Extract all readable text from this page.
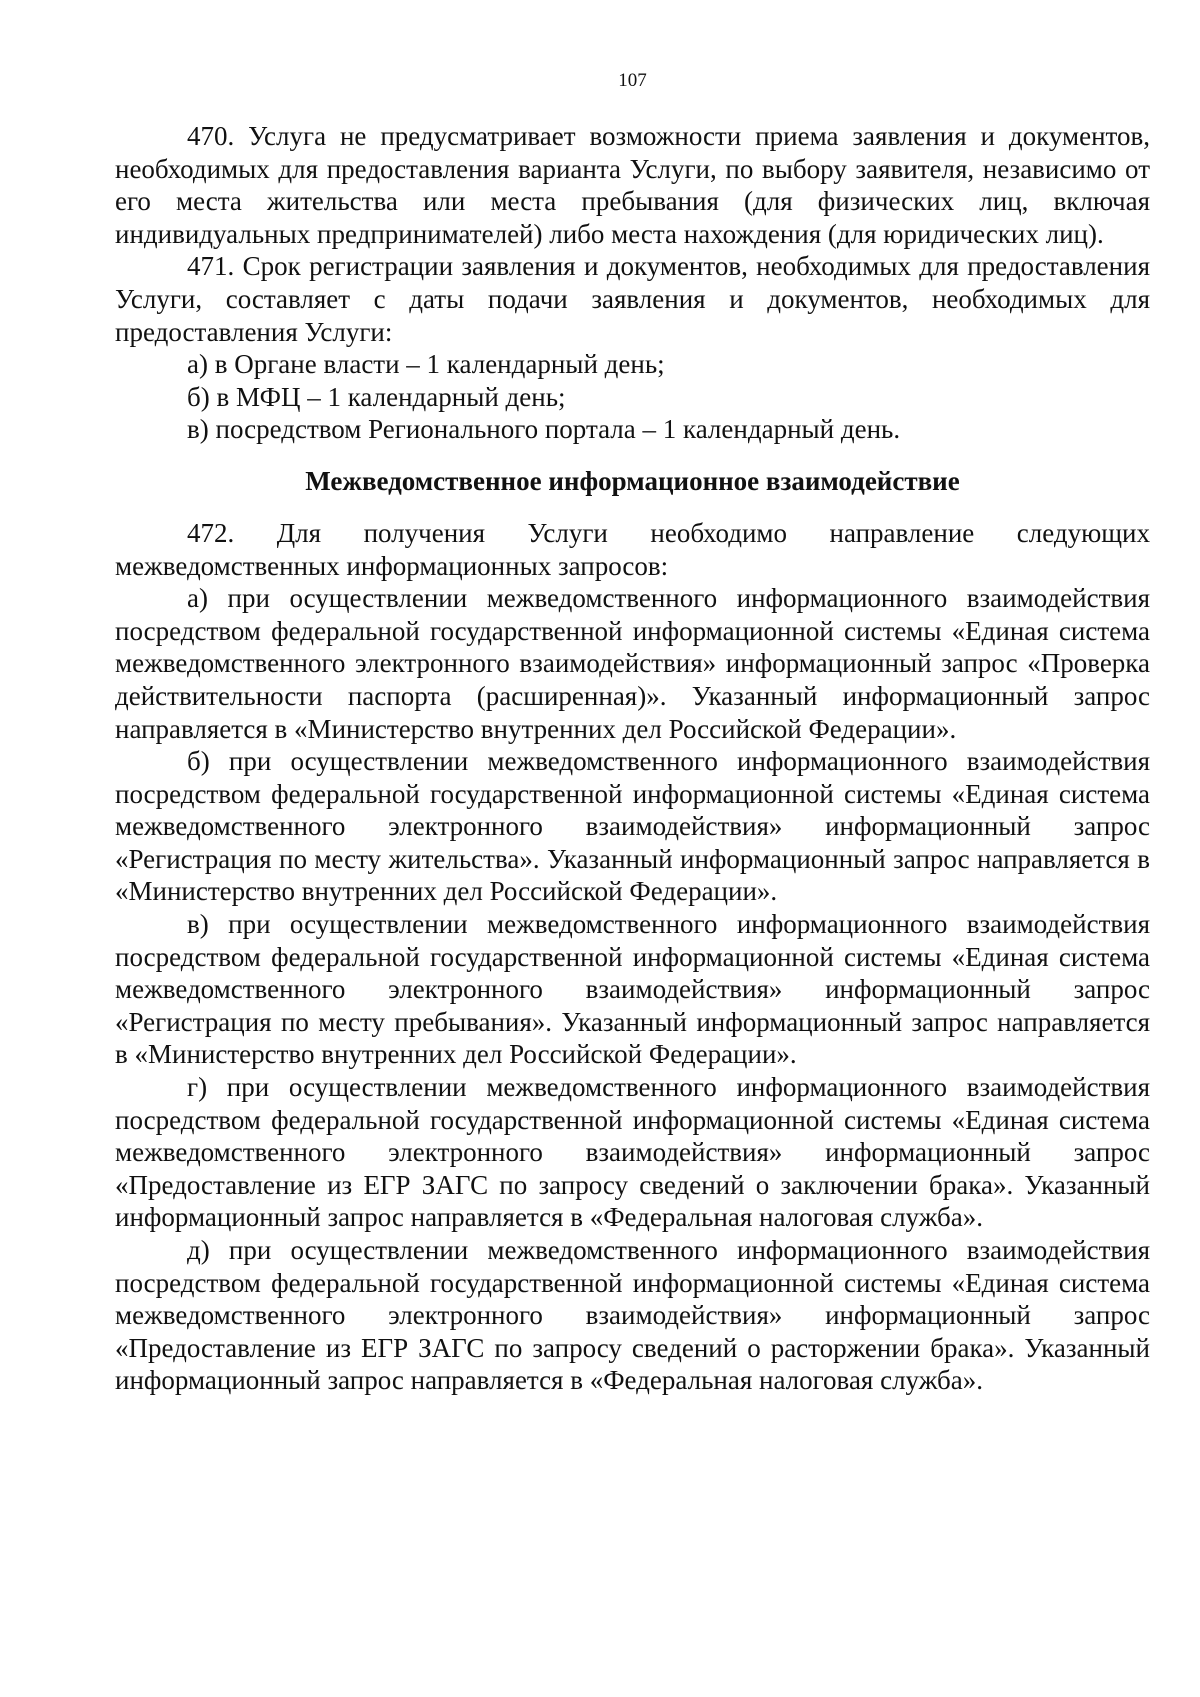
107

470. Услуга не предусматривает возможности приема заявления и документов, необходимых для предоставления варианта Услуги, по выбору заявителя, независимо от его места жительства или места пребывания (для физических лиц, включая индивидуальных предпринимателей) либо места нахождения (для юридических лиц).

471. Срок регистрации заявления и документов, необходимых для предоставления Услуги, составляет с даты подачи заявления и документов, необходимых для предоставления Услуги:

а) в Органе власти – 1 календарный день;

б) в МФЦ – 1 календарный день;

в) посредством Регионального портала – 1 календарный день.

Межведомственное информационное взаимодействие

472. Для получения Услуги необходимо направление следующих межведомственных информационных запросов:

а) при осуществлении межведомственного информационного взаимодействия посредством федеральной государственной информационной системы «Единая система межведомственного электронного взаимодействия» информационный запрос «Проверка действительности паспорта (расширенная)». Указанный информационный запрос направляется в «Министерство внутренних дел Российской Федерации».

б) при осуществлении межведомственного информационного взаимодействия посредством федеральной государственной информационной системы «Единая система межведомственного электронного взаимодействия» информационный запрос «Регистрация по месту жительства». Указанный информационный запрос направляется в «Министерство внутренних дел Российской Федерации».

в) при осуществлении межведомственного информационного взаимодействия посредством федеральной государственной информационной системы «Единая система межведомственного электронного взаимодействия» информационный запрос «Регистрация по месту пребывания». Указанный информационный запрос направляется в «Министерство внутренних дел Российской Федерации».

г) при осуществлении межведомственного информационного взаимодействия посредством федеральной государственной информационной системы «Единая система межведомственного электронного взаимодействия» информационный запрос «Предоставление из ЕГР ЗАГС по запросу сведений о заключении брака». Указанный информационный запрос направляется в «Федеральная налоговая служба».

д) при осуществлении межведомственного информационного взаимодействия посредством федеральной государственной информационной системы «Единая система межведомственного электронного взаимодействия» информационный запрос «Предоставление из ЕГР ЗАГС по запросу сведений о расторжении брака». Указанный информационный запрос направляется в «Федеральная налоговая служба».
